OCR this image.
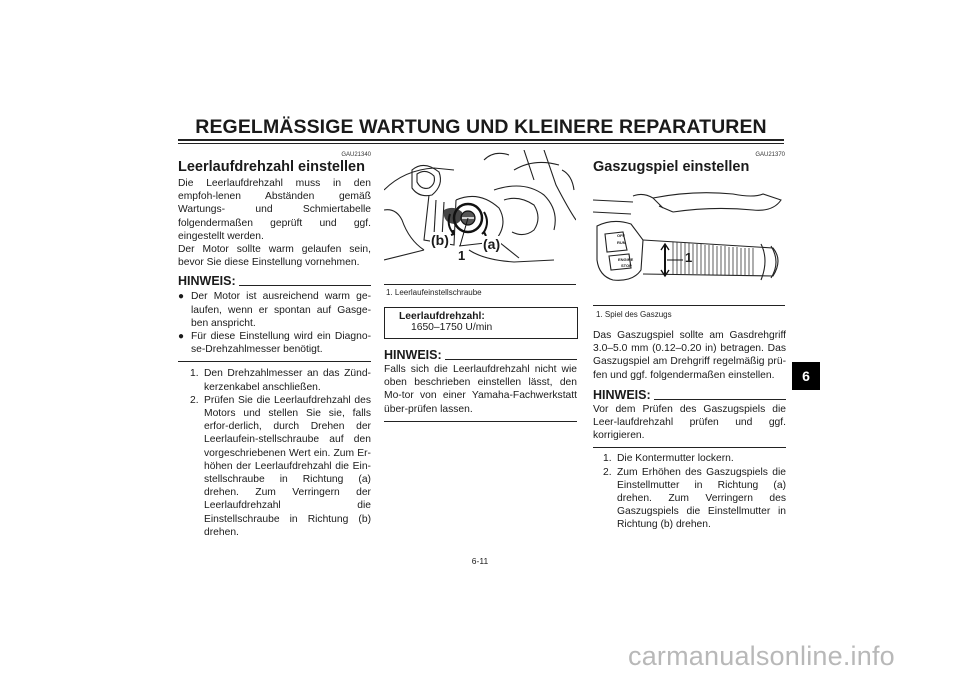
REGELMÄSSIGE WARTUNG UND KLEINERE REPARATUREN
GAU21340
Leerlaufdrehzahl einstellen
Die Leerlaufdrehzahl muss in den empfoh-lenen Abständen gemäß Wartungs- und Schmiertabelle folgendermaßen geprüft und ggf. eingestellt werden.
Der Motor sollte warm gelaufen sein, bevor Sie diese Einstellung vornehmen.
HINWEIS:
● Der Motor ist ausreichend warm ge-laufen, wenn er spontan auf Gasge-ben anspricht.
● Für diese Einstellung wird ein Diagno-se-Drehzahlmesser benötigt.
1. Den Drehzahlmesser an das Zünd-kerzenkabel anschließen.
2. Prüfen Sie die Leerlaufdrehzahl des Motors und stellen Sie sie, falls erfor-derlich, durch Drehen der Leerlaufein-stellschraube auf den vorgeschriebenen Wert ein. Zum Er-höhen der Leerlaufdrehzahl die Ein-stellschraube in Richtung (a) drehen. Zum Verringern der Leerlaufdrehzahl die Einstellschraube in Richtung (b) drehen.
(b) (a)
1
1. Leerlaufeinstellschraube
Leerlaufdrehzahl:
1650–1750 U/min
HINWEIS:
Falls sich die Leerlaufdrehzahl nicht wie oben beschrieben einstellen lässt, den Mo-tor von einer Yamaha-Fachwerkstatt über-prüfen lassen.
GAU21370
Gaszugspiel einstellen
OFF
RUN
ENGINE
STOP
1
1. Spiel des Gaszugs
Das Gaszugspiel sollte am Gasdrehgriff 3.0–5.0 mm (0.12–0.20 in) betragen. Das Gaszugspiel am Drehgriff regelmäßig prü-fen und ggf. folgendermaßen einstellen.
HINWEIS:
Vor dem Prüfen des Gaszugspiels die Leer-laufdrehzahl prüfen und ggf. korrigieren.
1. Die Kontermutter lockern.
2. Zum Erhöhen des Gaszugspiels die Einstellmutter in Richtung (a) drehen. Zum Verringern des Gaszugspiels die Einstellmutter in Richtung (b) drehen.
6
6-11
carmanualsonline.info
